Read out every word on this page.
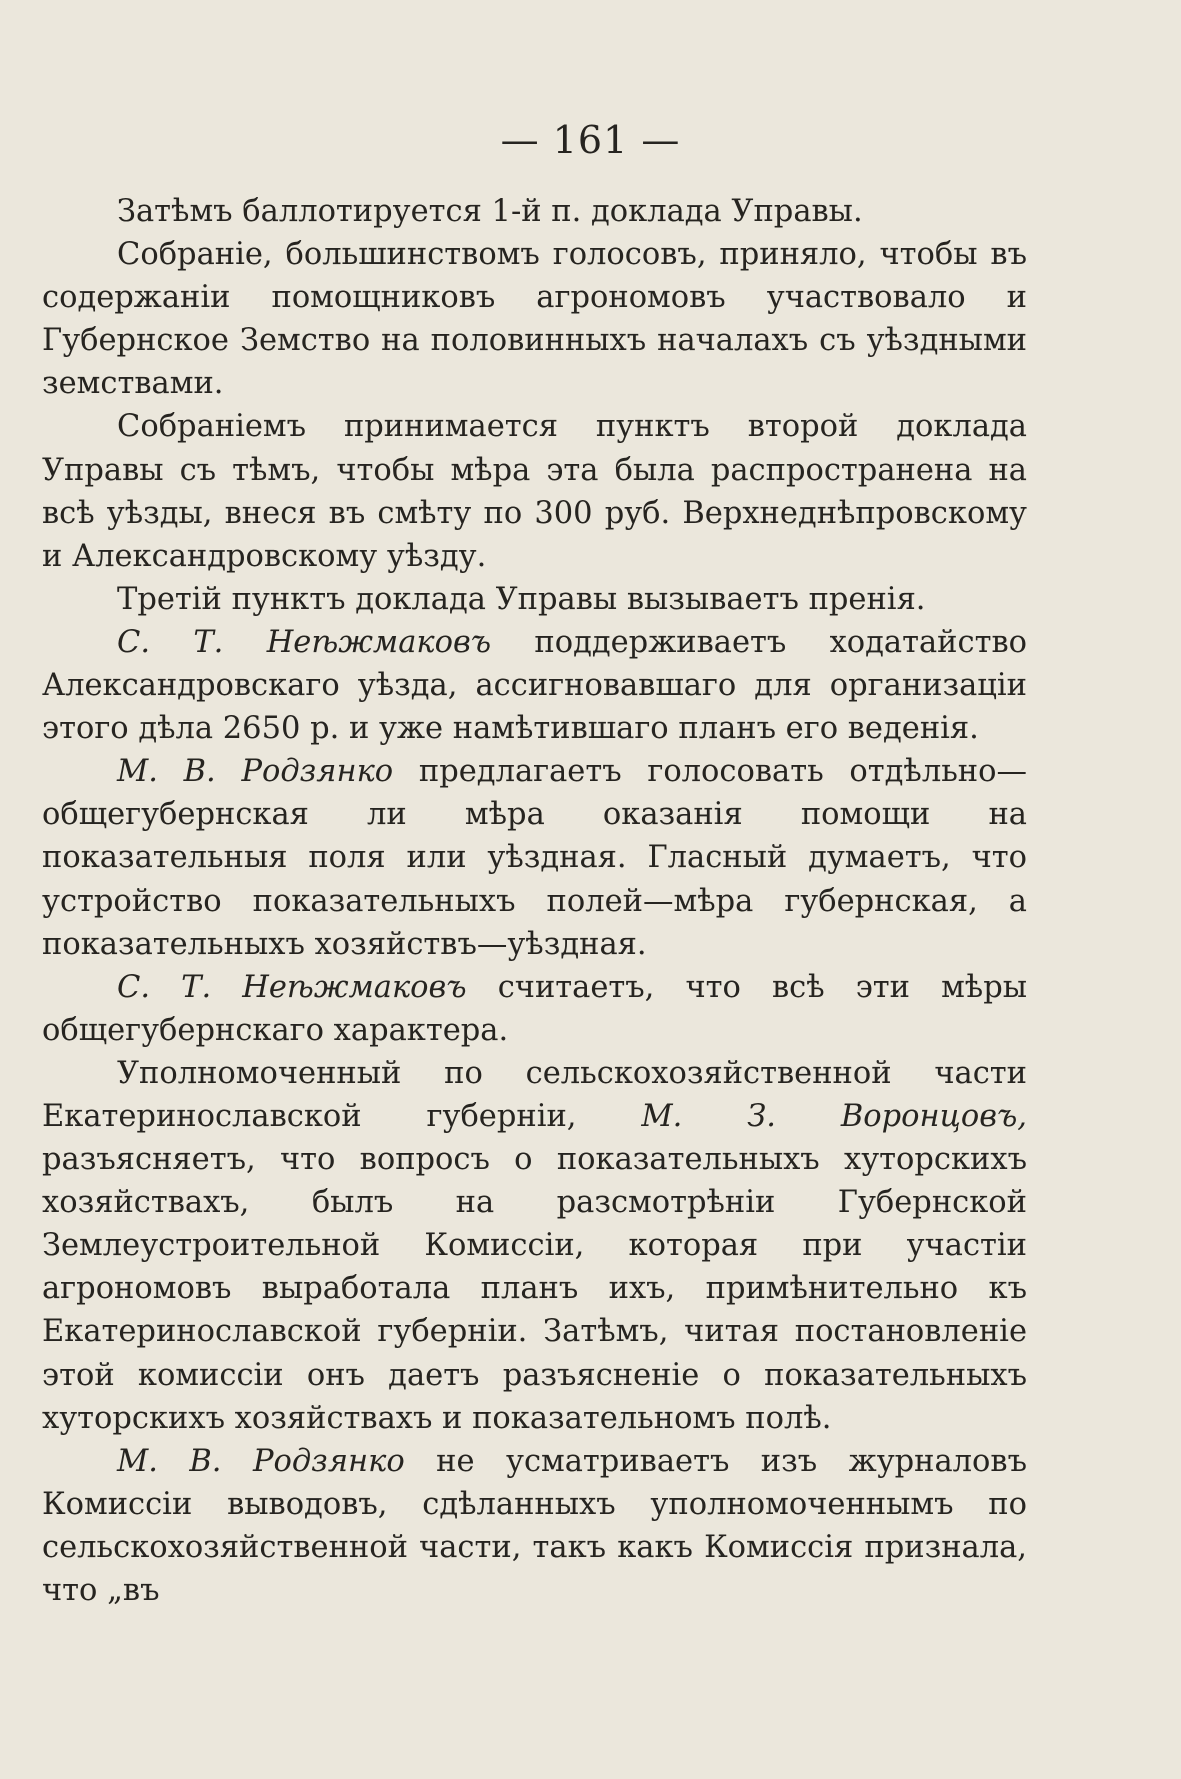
— 161 —

Затѣмъ баллотируется 1-й п. доклада Управы.

Собраніе, большинствомъ голосовъ, приняло, чтобы въ содержаніи помощниковъ агрономовъ участвовало и Губернское Земство на половинныхъ началахъ съ уѣздными земствами.

Собраніемъ принимается пунктъ второй доклада Управы съ тѣмъ, чтобы мѣра эта была распространена на всѣ уѣзды, внеся въ смѣту по 300 руб. Верхнеднѣпровскому и Александровскому уѣзду.

Третій пунктъ доклада Управы вызываетъ пренія.

С. Т. Неѣжмаковъ поддерживаетъ ходатайство Александровскаго уѣзда, ассигновавшаго для организаціи этого дѣла 2650 р. и уже намѣтившаго планъ его веденія.

М. В. Родзянко предлагаетъ голосовать отдѣльно— общегубернская ли мѣра оказанія помощи на показательныя поля или уѣздная. Гласный думаетъ, что устройство показательныхъ полей—мѣра губернская, а показательныхъ хозяйствъ—уѣздная.

С. Т. Неѣжмаковъ считаетъ, что всѣ эти мѣры общегубернскаго характера.

Уполномоченный по сельскохозяйственной части Екатеринославской губерніи, М. З. Воронцовъ, разъясняетъ, что вопросъ о показательныхъ хуторскихъ хозяйствахъ, былъ на разсмотрѣніи Губернской Землеустроительной Комиссіи, которая при участіи агрономовъ выработала планъ ихъ, примѣнительно къ Екатеринославской губерніи. Затѣмъ, читая постановленіе этой комиссіи онъ даетъ разъясненіе о показательныхъ хуторскихъ хозяйствахъ и показательномъ полѣ.

М. В. Родзянко не усматриваетъ изъ журналовъ Комиссіи выводовъ, сдѣланныхъ уполномоченнымъ по сельскохозяйственной части, такъ какъ Комиссія признала, что „въ
